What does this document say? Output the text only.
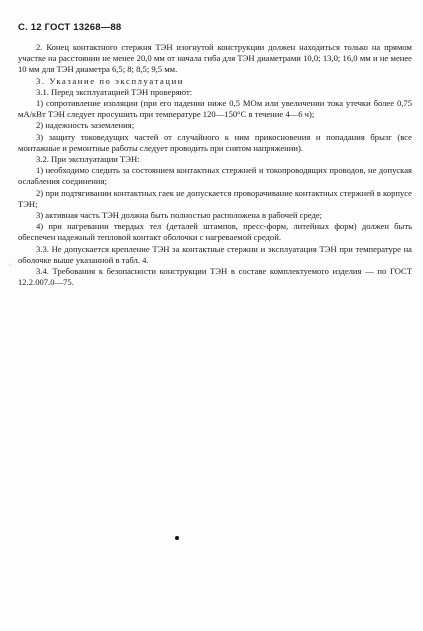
С. 12 ГОСТ 13268—88
·.

2. Конец контактного стержня ТЭН изогнутой конструкции должен находиться только на прямом участке на расстоянии не менее 20,0 мм от начала гиба для ТЭН диаметрами 10,0; 13,0; 16,0 мм и не менее 10 мм для ТЭН диаметра 6,5; 8; 8,5; 9,5 мм.

3. Указание по эксплуатации

3.1. Перед эксплуатацией ТЭН проверяют:

1) сопротивление изоляции (при его падении ниже 0,5 МОм или увеличении тока утечки более 0,75 мА/кВт ТЭН следует просушить при температуре 120—150°С в течение 4—6 ч);

2) надежность заземления;

3) защиту токоведущих частей от случайного к ним прикосновения и попадания брызг (все монтажные и ремонтные работы следует проводить при снятом напряжении).

3.2. При эксплуатации ТЭН:

1) необходимо следить за состоянием контактных стержней и токопроводящих проводов, не допуская ослабления соединения;

2) при подтягивании контактных гаек не допускается проворачивание контактных стержней в корпусе ТЭН;

3) активная часть ТЭН должна быть полностью расположена в рабочей среде;

4) при нагревании твердых тел (деталей штампов, пресс-форм, литейных форм) должен быть обеспечен надежный тепловой контакт оболочки с нагреваемой средой.

3.3. Не допускается крепление ТЭН за контактные стержни и эксплуатация ТЭН при температуре на оболочке выше указанной в табл. 4.

3.4. Требования к безопасности конструкции ТЭН в составе комплектуемого изделия — по ГОСТ 12.2.007.0—75.
